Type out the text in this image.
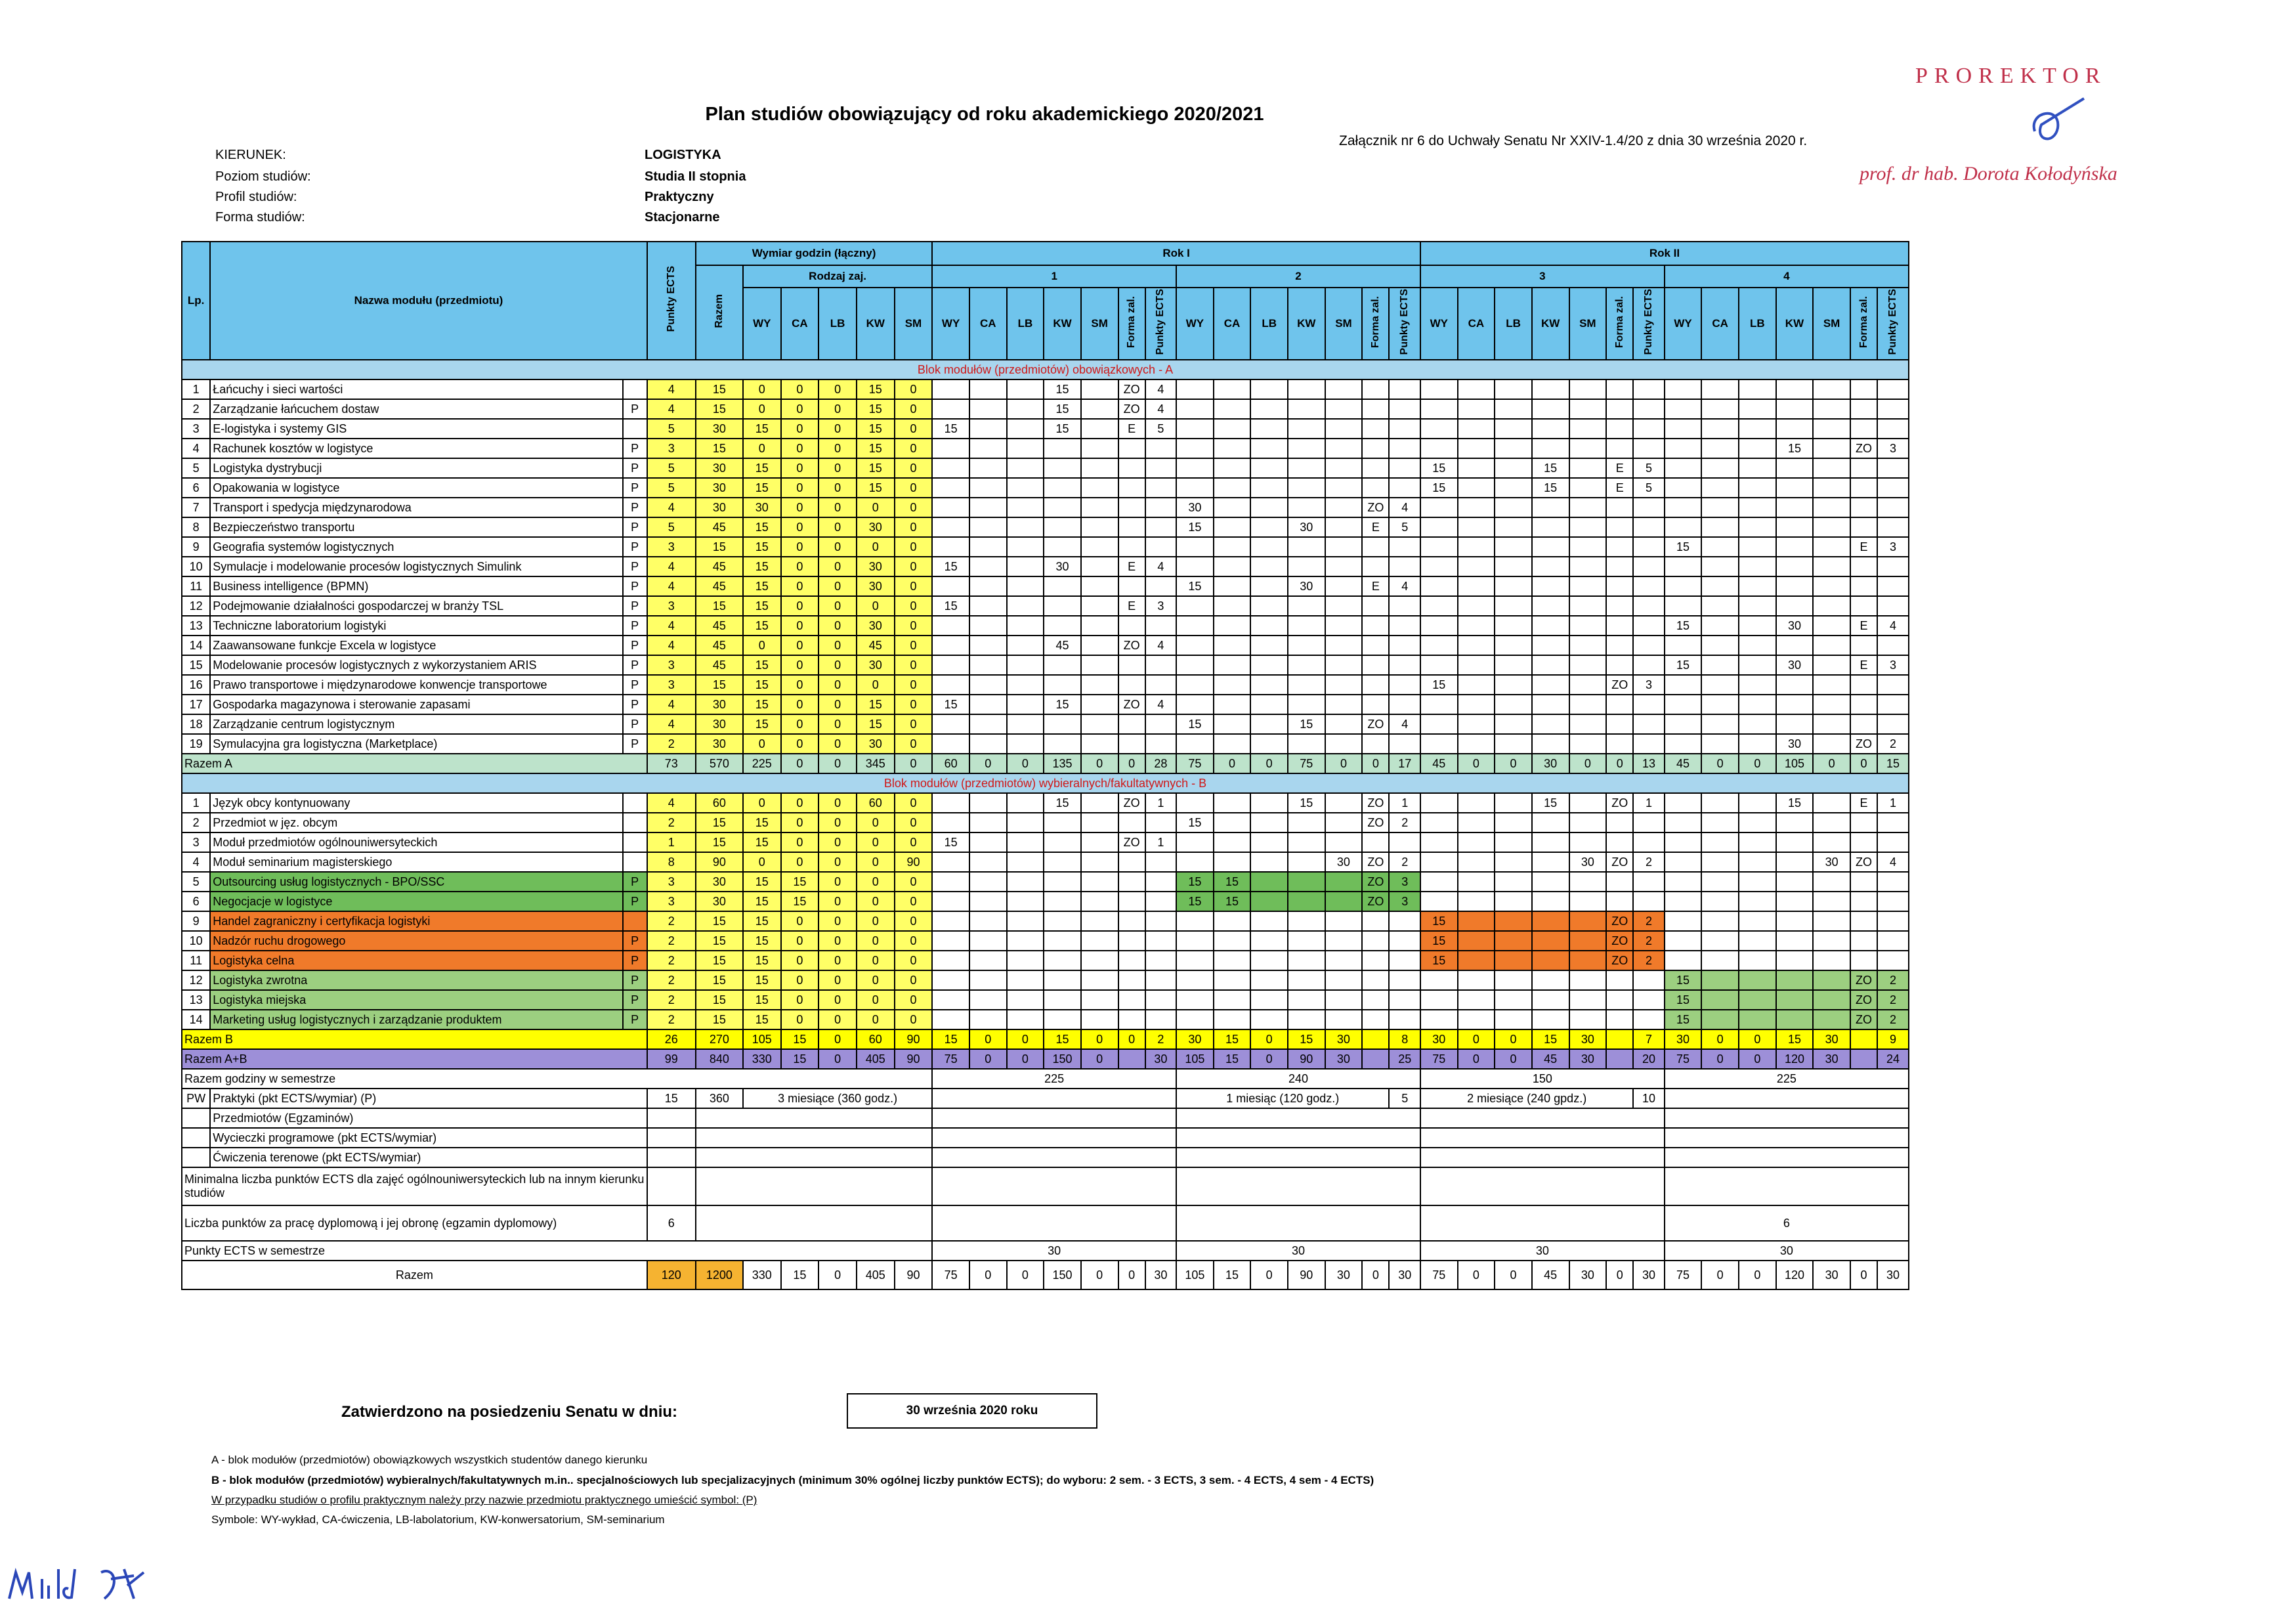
Plan studiów obowiązujący od roku akademickiego 2020/2021
Załącznik nr 6 do Uchwały Senatu Nr XXIV-1.4/20 z dnia 30 września 2020 r.
PROREKTOR
prof. dr hab. Dorota Kołodyńska
KIERUNEK:	LOGISTYKA
Poziom studiów:	Studia II stopnia
Profil studiów:	Praktyczny
Forma studiów:	Stacjonarne
Lp.	Nazwa modułu (przedmiotu)		Punkty ECTS	Wymiar godzin (łączny)						Rok I														Rok II													
				Razem	Rodzaj zaj.					1							2							3							4						
					WY	CA	LB	KW	SM	WY	CA	LB	KW	SM	Forma zal.	Punkty ECTS	WY	CA	LB	KW	SM	Forma zal.	Punkty ECTS	WY	CA	LB	KW	SM	Forma zal.	Punkty ECTS	WY	CA	LB	KW	SM	Forma zal.	Punkty ECTS
Blok modułów (przedmiotów) obowiązkowych - A																																					
1	Łańcuchy i sieci wartości		4	15	0	0	0	15	0				15		ZO	4																					
2	Zarządzanie łańcuchem dostaw	P	4	15	0	0	0	15	0				15		ZO	4																					
3	E-logistyka i systemy GIS		5	30	15	0	0	15	0	15			15		E	5																					
4	Rachunek kosztów w logistyce	P	3	15	0	0	0	15	0																									15		ZO	3
5	Logistyka dystrybucji	P	5	30	15	0	0	15	0															15			15		E	5							
6	Opakowania w logistyce	P	5	30	15	0	0	15	0															15			15		E	5							
7	Transport i spedycja międzynarodowa	P	4	30	30	0	0	0	0								30					ZO	4														
8	Bezpieczeństwo transportu	P	5	45	15	0	0	30	0								15			30		E	5														
9	Geografia systemów logistycznych	P	3	15	15	0	0	0	0																						15					E	3
10	Symulacje i modelowanie procesów logistycznych Simulink	P	4	45	15	0	0	30	0	15			30		E	4																					
11	Business intelligence (BPMN)	P	4	45	15	0	0	30	0								15			30		E	4														
12	Podejmowanie działalności gospodarczej w branży TSL	P	3	15	15	0	0	0	0	15					E	3																					
13	Techniczne laboratorium logistyki	P	4	45	15	0	0	30	0																						15			30		E	4
14	Zaawansowane funkcje Excela w logistyce	P	4	45	0	0	0	45	0				45		ZO	4																					
15	Modelowanie procesów logistycznych z wykorzystaniem ARIS	P	3	45	15	0	0	30	0																						15			30		E	3
16	Prawo transportowe i międzynarodowe konwencje transportowe	P	3	15	15	0	0	0	0															15					ZO	3							
17	Gospodarka magazynowa i sterowanie zapasami	P	4	30	15	0	0	15	0	15			15		ZO	4																					
18	Zarządzanie centrum logistycznym	P	4	30	15	0	0	15	0								15			15		ZO	4														
19	Symulacyjna gra logistyczna (Marketplace)	P	2	30	0	0	0	30	0																									30		ZO	2
Razem A			73	570	225	0	0	345	0	60	0	0	135	0	0	28	75	0	0	75	0	0	17	45	0	0	30	0	0	13	45	0	0	105	0	0	15
Blok modułów (przedmiotów) wybieralnych/fakultatywnych - B																																					
1	Język obcy kontynuowany		4	60	0	0	0	60	0				15		ZO	1				15		ZO	1				15		ZO	1				15		E	1
2	Przedmiot w jęz. obcym		2	15	15	0	0	0	0								15					ZO	2														
3	Moduł przedmiotów ogólnouniwersyteckich		1	15	15	0	0	0	0	15					ZO	1																					
4	Moduł seminarium magisterskiego		8	90	0	0	0	0	90												30	ZO	2					30	ZO	2					30	ZO	4
5	Outsourcing usług logistycznych - BPO/SSC	P	3	30	15	15	0	0	0								15	15				ZO	3														
6	Negocjacje w logistyce	P	3	30	15	15	0	0	0								15	15				ZO	3														
9	Handel zagraniczny i certyfikacja logistyki		2	15	15	0	0	0	0															15					ZO	2							
10	Nadzór ruchu drogowego	P	2	15	15	0	0	0	0															15					ZO	2							
11	Logistyka celna	P	2	15	15	0	0	0	0															15					ZO	2							
12	Logistyka zwrotna	P	2	15	15	0	0	0	0																						15					ZO	2
13	Logistyka miejska	P	2	15	15	0	0	0	0																						15					ZO	2
14	Marketing usług logistycznych i zarządzanie produktem	P	2	15	15	0	0	0	0																						15					ZO	2
Razem B			26	270	105	15	0	60	90	15	0	0	15	0	0	2	30	15	0	15	30		8	30	0	0	15	30		7	30	0	0	15	30		9
Razem A+B			99	840	330	15	0	405	90	75	0	0	150	0		30	105	15	0	90	30		25	75	0	0	45	30		20	75	0	0	120	30		24
Razem godziny w semestrze										225							240							150							225						
PW	Praktyki (pkt ECTS/wymiar) (P)		15	360	3 miesiące (360 godz.)												1 miesiąc (120 godz.)						5	2 miesiące (240 gpdz.)						10							
	Przedmiotów (Egzaminów)																																				
	Wycieczki programowe (pkt ECTS/wymiar)																																				
	Ćwiczenia terenowe (pkt ECTS/wymiar)																																				
Minimalna liczba punktów ECTS dla zajęć ogólnouniwersyteckich lub na innym kierunku studiów																																					
Liczba punktów za pracę dyplomową i jej obronę (egzamin dyplomowy)			6																												6						
Punkty ECTS w semestrze										30							30							30							30						
Razem			120	1200	330	15	0	405	90	75	0	0	150	0	0	30	105	15	0	90	30	0	30	75	0	0	45	30	0	30	75	0	0	120	30	0	30
Zatwierdzono na posiedzeniu Senatu w dniu:	30 września 2020 roku
A - blok modułów (przedmiotów) obowiązkowych wszystkich studentów danego kierunku
B - blok modułów (przedmiotów) wybieralnych/fakultatywnych m.in.. specjalnościowych lub specjalizacyjnych (minimum 30% ogólnej liczby punktów ECTS); do wyboru: 2 sem. - 3 ECTS, 3 sem. - 4 ECTS, 4 sem - 4 ECTS)
W przypadku studiów o profilu praktycznym należy przy nazwie przedmiotu praktycznego umieścić symbol: (P)
Symbole: WY-wykład, CA-ćwiczenia, LB-labolatorium, KW-konwersatorium, SM-seminarium
